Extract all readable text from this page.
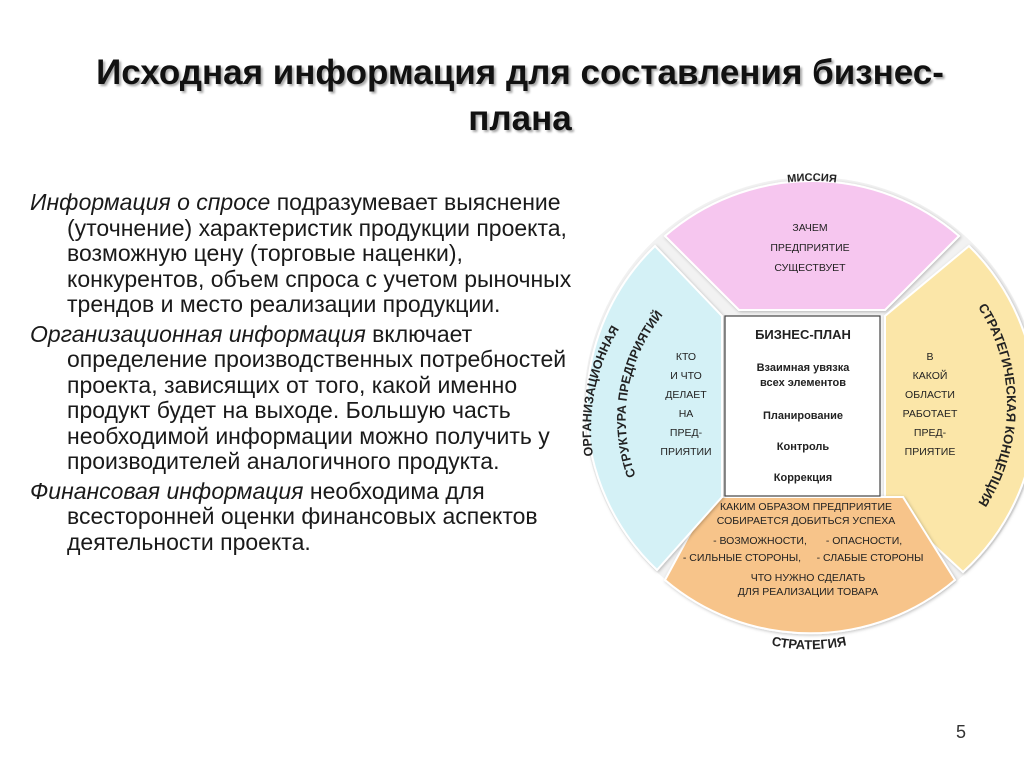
Исходная информация для составления бизнес-
плана

Информация о спросе подразумевает выяснение (уточнение) характеристик продукции проекта, возможную цену (торговые наценки), конкурентов, объем спроса с учетом рыночных трендов и место реализации продукции.

Организационная информация включает определение производственных потребностей проекта, зависящих от того, какой именно продукт будет на выходе. Большую часть необходимой информации можно получить у производителей аналогичного продукта.

Финансовая информация необходима для всесторонней оценки финансовых аспектов деятельности проекта.

МИССИЯ
ЗАЧЕМ
ПРЕДПРИЯТИЕ
СУЩЕСТВУЕТ
СТРАТЕГИЧЕСКАЯ КОНЦЕПЦИЯ
В
КАКОЙ
ОБЛАСТИ
РАБОТАЕТ
ПРЕД-
ПРИЯТИЕ
ОРГАНИЗАЦИОННАЯ
СТРУКТУРА ПРЕДПРИЯТИЙ
КТО
И ЧТО
ДЕЛАЕТ
НА
ПРЕД-
ПРИЯТИИ
БИЗНЕС-ПЛАН
Взаимная увязка
всех элементов
Планирование
Контроль
Коррекция
КАКИМ ОБРАЗОМ ПРЕДПРИЯТИЕ
СОБИРАЕТСЯ ДОБИТЬСЯ УСПЕХА
- ВОЗМОЖНОСТИ, - ОПАСНОСТИ,
- СИЛЬНЫЕ СТОРОНЫ, - СЛАБЫЕ СТОРОНЫ
ЧТО НУЖНО СДЕЛАТЬ
ДЛЯ РЕАЛИЗАЦИИ ТОВАРА
СТРАТЕГИЯ
5
